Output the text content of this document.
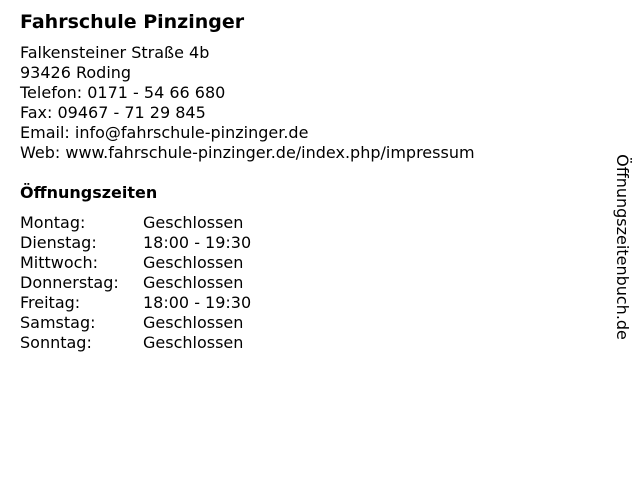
Fahrschule Pinzinger
Falkensteiner Straße 4b
93426 Roding
Telefon: 0171 - 54 66 680
Fax: 09467 - 71 29 845
Email: info@fahrschule-pinzinger.de
Web: www.fahrschule-pinzinger.de/index.php/impressum
Öffnungszeiten
Montag:	Geschlossen
Dienstag:	18:00 - 19:30
Mittwoch:	Geschlossen
Donnerstag: Geschlossen
Freitag:	18:00 - 19:30
Samstag:	Geschlossen
Sonntag:	Geschlossen
Öffnungszeitenbuch.de
